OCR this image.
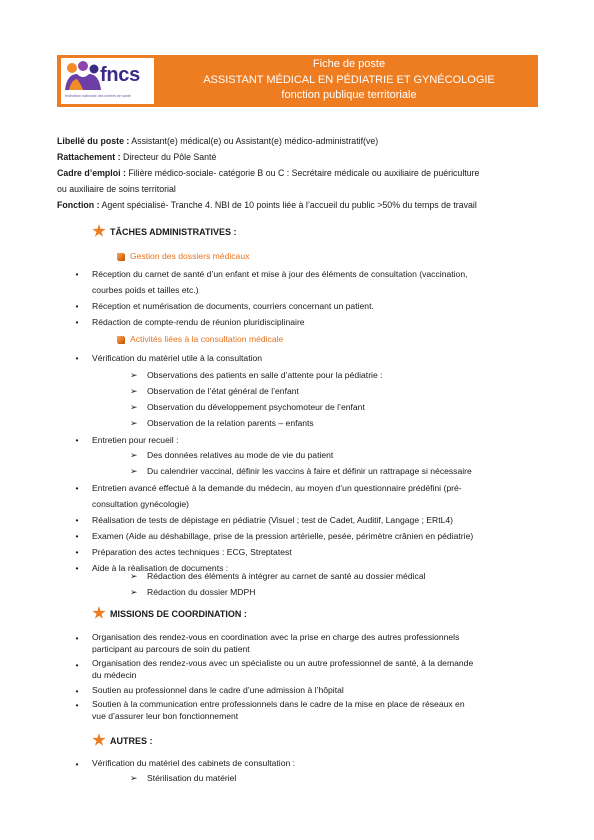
fncs
fédération nationale des centres de santé
Fiche de poste
ASSISTANT MÉDICAL EN PÉDIATRIE ET GYNÉCOLOGIE
fonction publique territoriale

Libellé du poste : Assistant(e) médical(e) ou Assistant(e) médico-administratif(ve)

Rattachement : Directeur du Pôle Santé

Cadre d’emploi : Filière médico-sociale- catégorie B ou C : Secrétaire médicale ou auxiliaire de puériculture

ou auxiliaire de soins territorial

Fonction : Agent spécialisé- Tranche 4. NBI de 10 points liée à l’accueil du public >50% du temps de travail

TÂCHES ADMINISTRATIVES :
Gestion des dossiers médicaux
•	Réception du carnet de santé d’un enfant et mise à jour des éléments de consultation (vaccination,
courbes poids et tailles etc.)
•	Réception et numérisation de documents, courriers concernant un patient.
•	Rédaction de compte-rendu de réunion pluridisciplinaire
Activités liées à la consultation médicale
•	Vérification du matériel utile à la consultation
➢ Observations des patients en salle d’attente pour la pédiatrie :
➢ Observation de l’état général de l’enfant
➢ Observation du développement psychomoteur de l’enfant
➢ Observation de la relation parents – enfants
•	Entretien pour recueil :
➢ Des données relatives au mode de vie du patient
➢ Du calendrier vaccinal, définir les vaccins à faire et définir un rattrapage si nécessaire
•	Entretien avancé effectué à la demande du médecin, au moyen d’un questionnaire prédéfini (pré-
consultation gynécologie)
•	Réalisation de tests de dépistage en pédiatrie (Visuel ; test de Cadet, Auditif, Langage ; ERtL4)
•	Examen (Aide au déshabillage, prise de la pression artérielle, pesée, périmètre crânien en pédiatrie)
•	Préparation des actes techniques : ECG, Streptatest
•	Aide à la réalisation de documents :
➢ Rédaction des éléments à intégrer au carnet de santé au dossier médical
➢ Rédaction du dossier MDPH
MISSIONS DE COORDINATION :
•	Organisation des rendez-vous en coordination avec la prise en charge des autres professionnels
participant au parcours de soin du patient
•	Organisation des rendez-vous avec un spécialiste ou un autre professionnel de santé, à la demande
du médecin
•	Soutien au professionnel dans le cadre d’une admission à l’hôpital
•	Soutien à la communication entre professionnels dans le cadre de la mise en place de réseaux en
vue d’assurer leur bon fonctionnement
AUTRES :
•	Vérification du matériel des cabinets de consultation :
➢ Stérilisation du matériel
